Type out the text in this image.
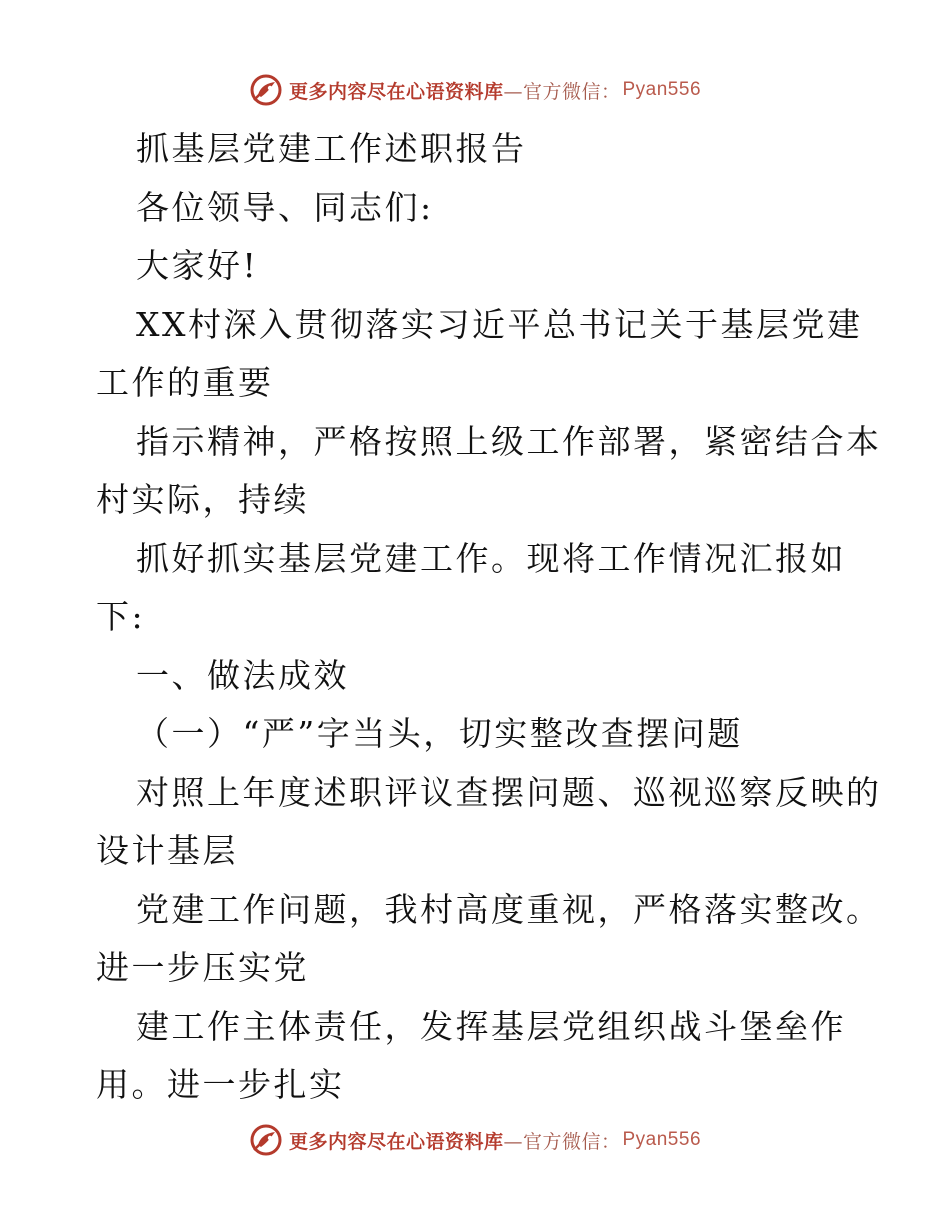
更多内容尽在心语资料库 —官方微信： Pyan556
抓基层党建工作述职报告
各位领导、同志们:
大家好!
XX村深入贯彻落实习近平总书记关于基层党建
工作的重要
指示精神，严格按照上级工作部署，紧密结合本
村实际，持续
抓好抓实基层党建工作。现将工作情况汇报如
下:
一、做法成效
（一）“严”字当头，切实整改查摆问题
对照上年度述职评议查摆问题、巡视巡察反映的
设计基层
党建工作问题，我村高度重视，严格落实整改。
进一步压实党
建工作主体责任，发挥基层党组织战斗堡垒作
用。进一步扎实
更多内容尽在心语资料库 —官方微信： Pyan556
